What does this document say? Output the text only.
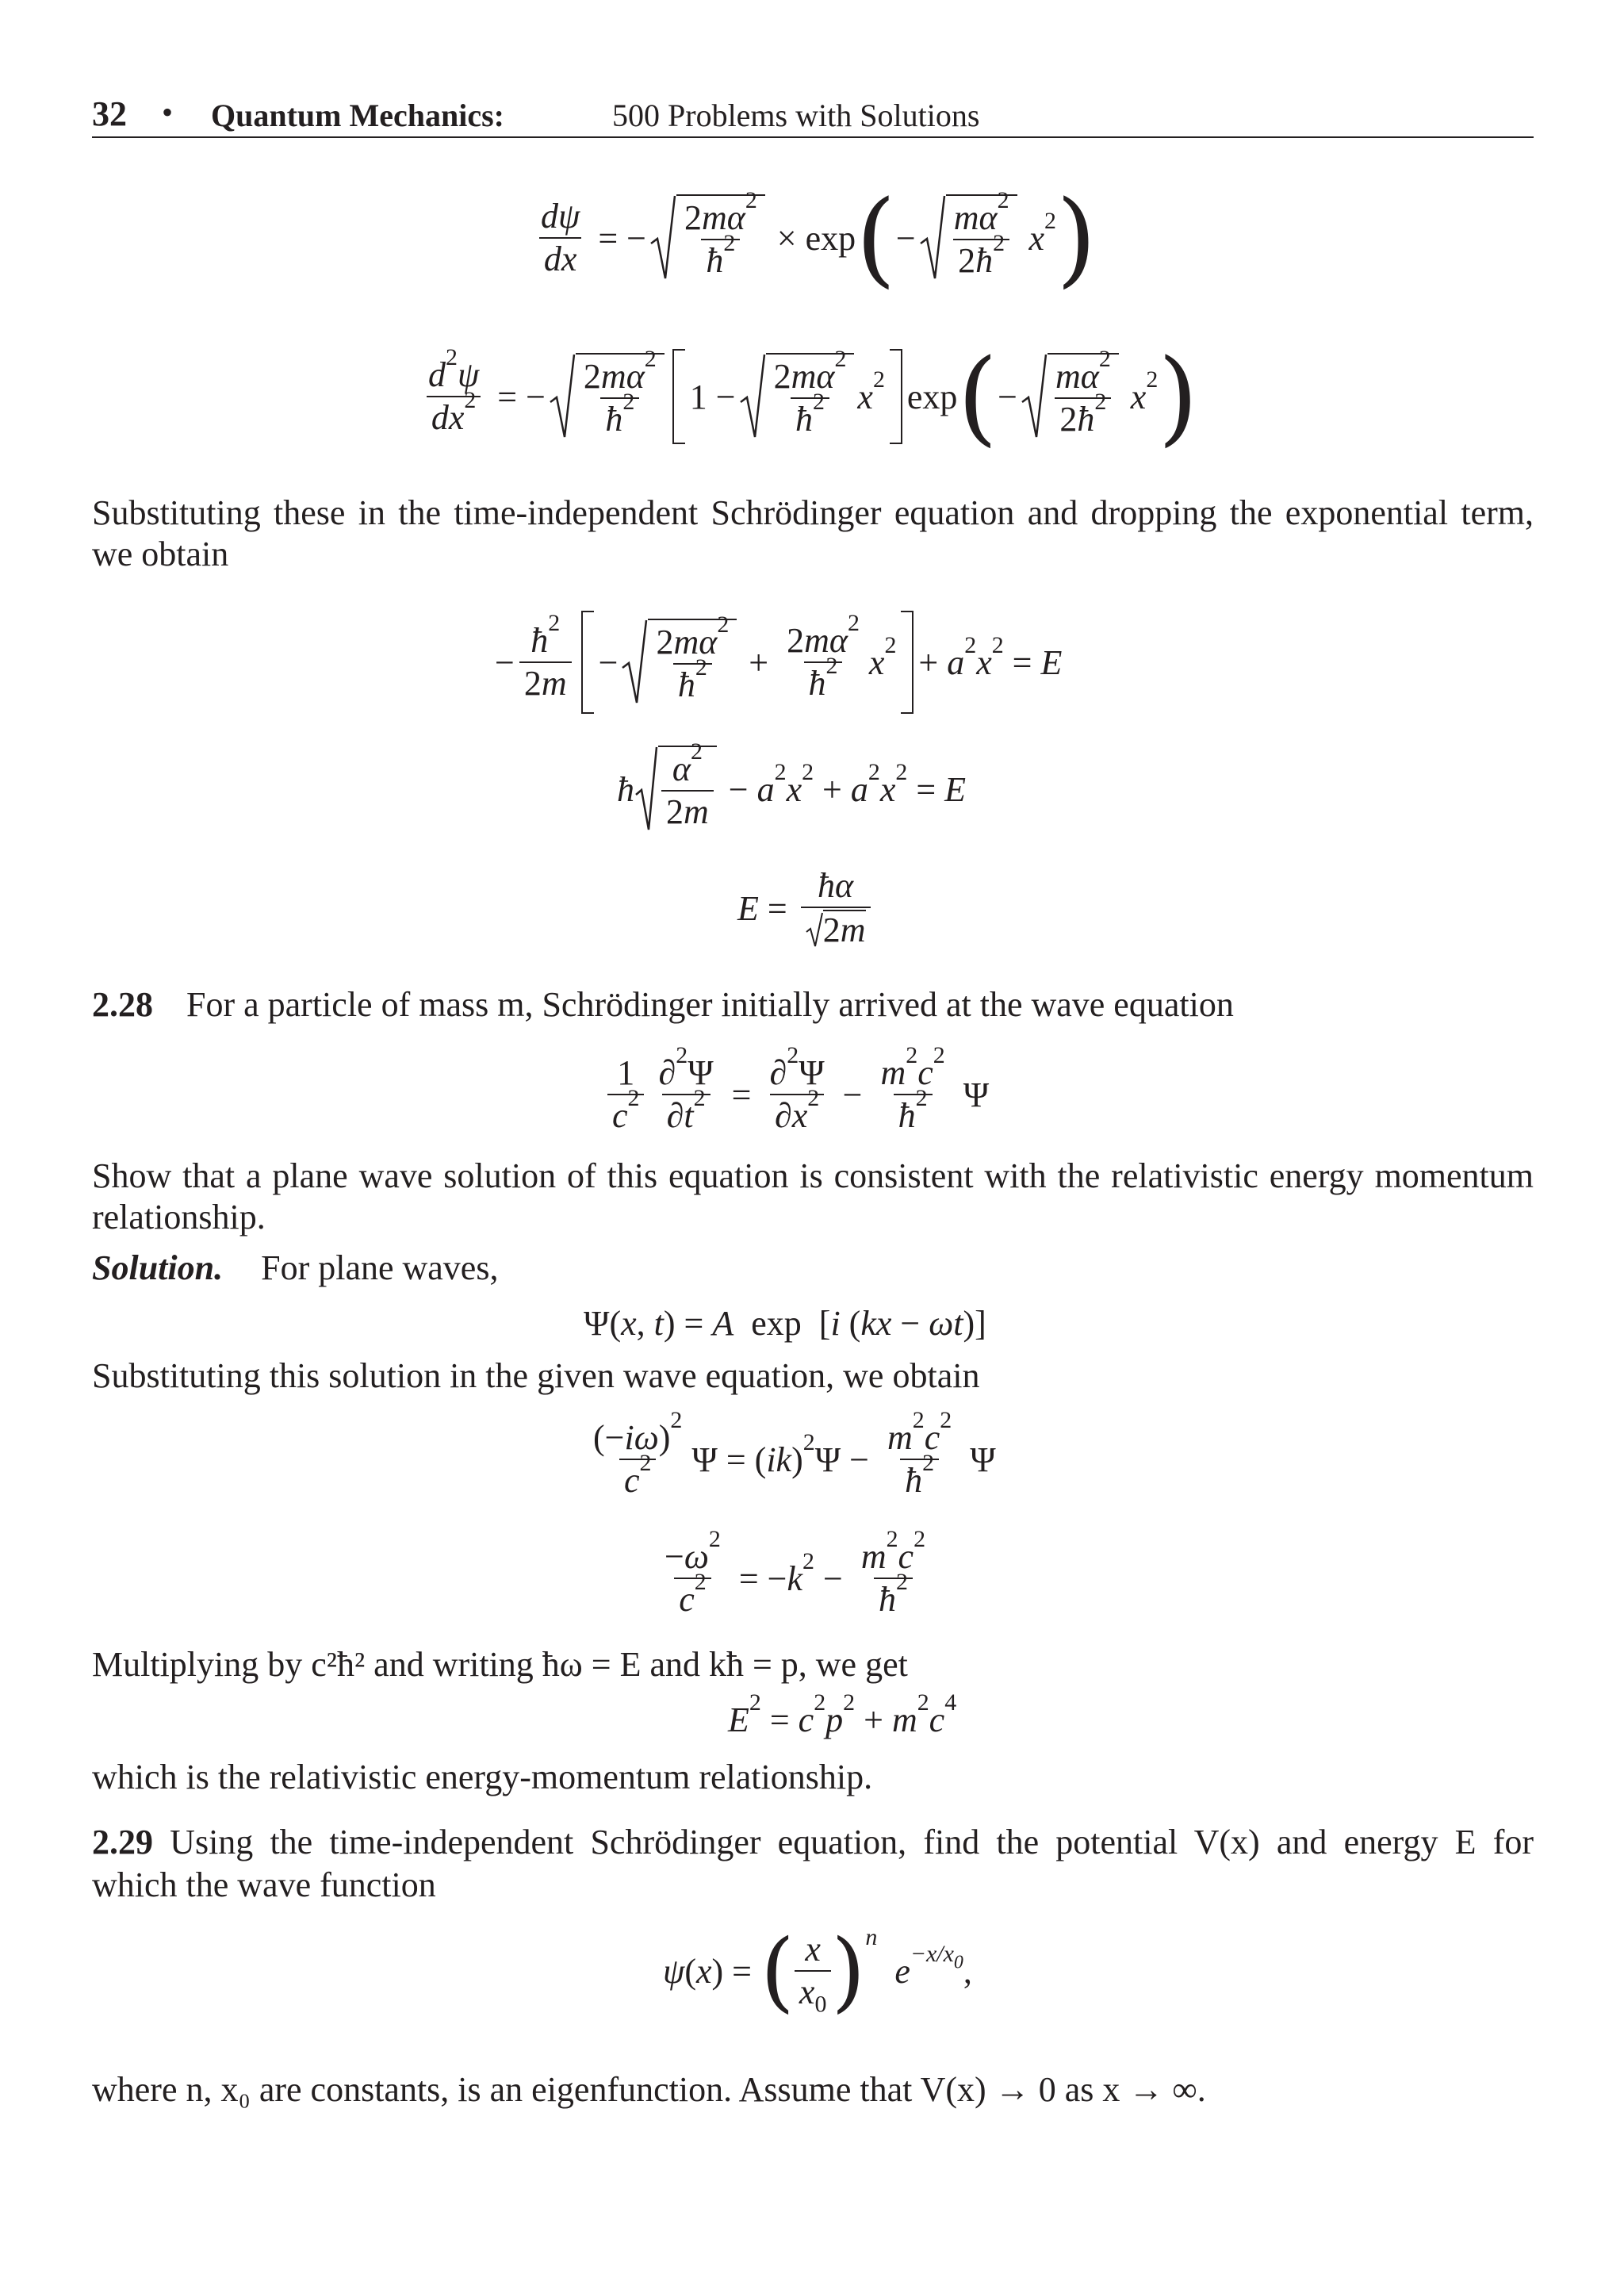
32 • Quantum Mechanics:	500 Problems with Solutions
$\frac{d\psi}{dx}$ = − $\frac{2m\alpha^2}{ħ^2} \times \exp$ ( − $\frac{m\alpha^2}{2ħ^2} x^2$ )
$\frac{d^2\psi}{dx^2}$ = − $\frac{2m\alpha^2}{ħ^2} 1 - \frac{2m\alpha^2}{ħ^2} x^2$ exp ( − $\frac{m\alpha^2}{2ħ^2} x^2$ )
Substituting these in the time-independent Schrödinger equation and dropping the exponential term,
we obtain
− $\frac{ħ^2}{2m} - \frac{2m\alpha^2}{ħ^2} + \frac{2m\alpha^2}{ħ^2} x^2 + a^2x^2 = E$
ħ $\frac{\alpha^2}{2m} - a^2x^2 + a^2x^2 = E$
$E = \frac{ħ\alpha}{2m}$
2.28 For a particle of mass m, Schrödinger initially arrived at the wave equation
$\frac{1}{c^2} \frac{\partial^2\Psi}{\partial t^2} = \frac{\partial^2\Psi}{\partial x^2} - \frac{m^2c^2}{ħ^2}$ Ψ
Show that a plane wave solution of this equation is consistent with the relativistic energy momentum
relationship.
Solution. For plane waves,
Ψ(x, t) = A  exp  [i (kx − ωt)]
Substituting this solution in the given wave equation, we obtain
$\frac{(-i\omega)^2}{c^2}$ $\Psi = (ik)^2\Psi - \frac{m^2c^2}{ħ^2}$ Ψ
$\frac{-\omega^2}{c^2} = -k^2 - \frac{m^2c^2}{ħ^2}$
Multiplying by c²ħ² and writing ħω = E and kħ = p, we get
$E^2 = c^2p^2 + m^2c^4$
which is the relativistic energy-momentum relationship.
2.29 Using the time-independent Schrödinger equation, find the potential V(x) and energy E for
which the wave function
ψ(x) = ( $\frac{x}{x_0}$ ) n
$e^{-x/x_0}$,
where n, x₀ are constants, is an eigenfunction. Assume that V(x) → 0 as x → ∞.
